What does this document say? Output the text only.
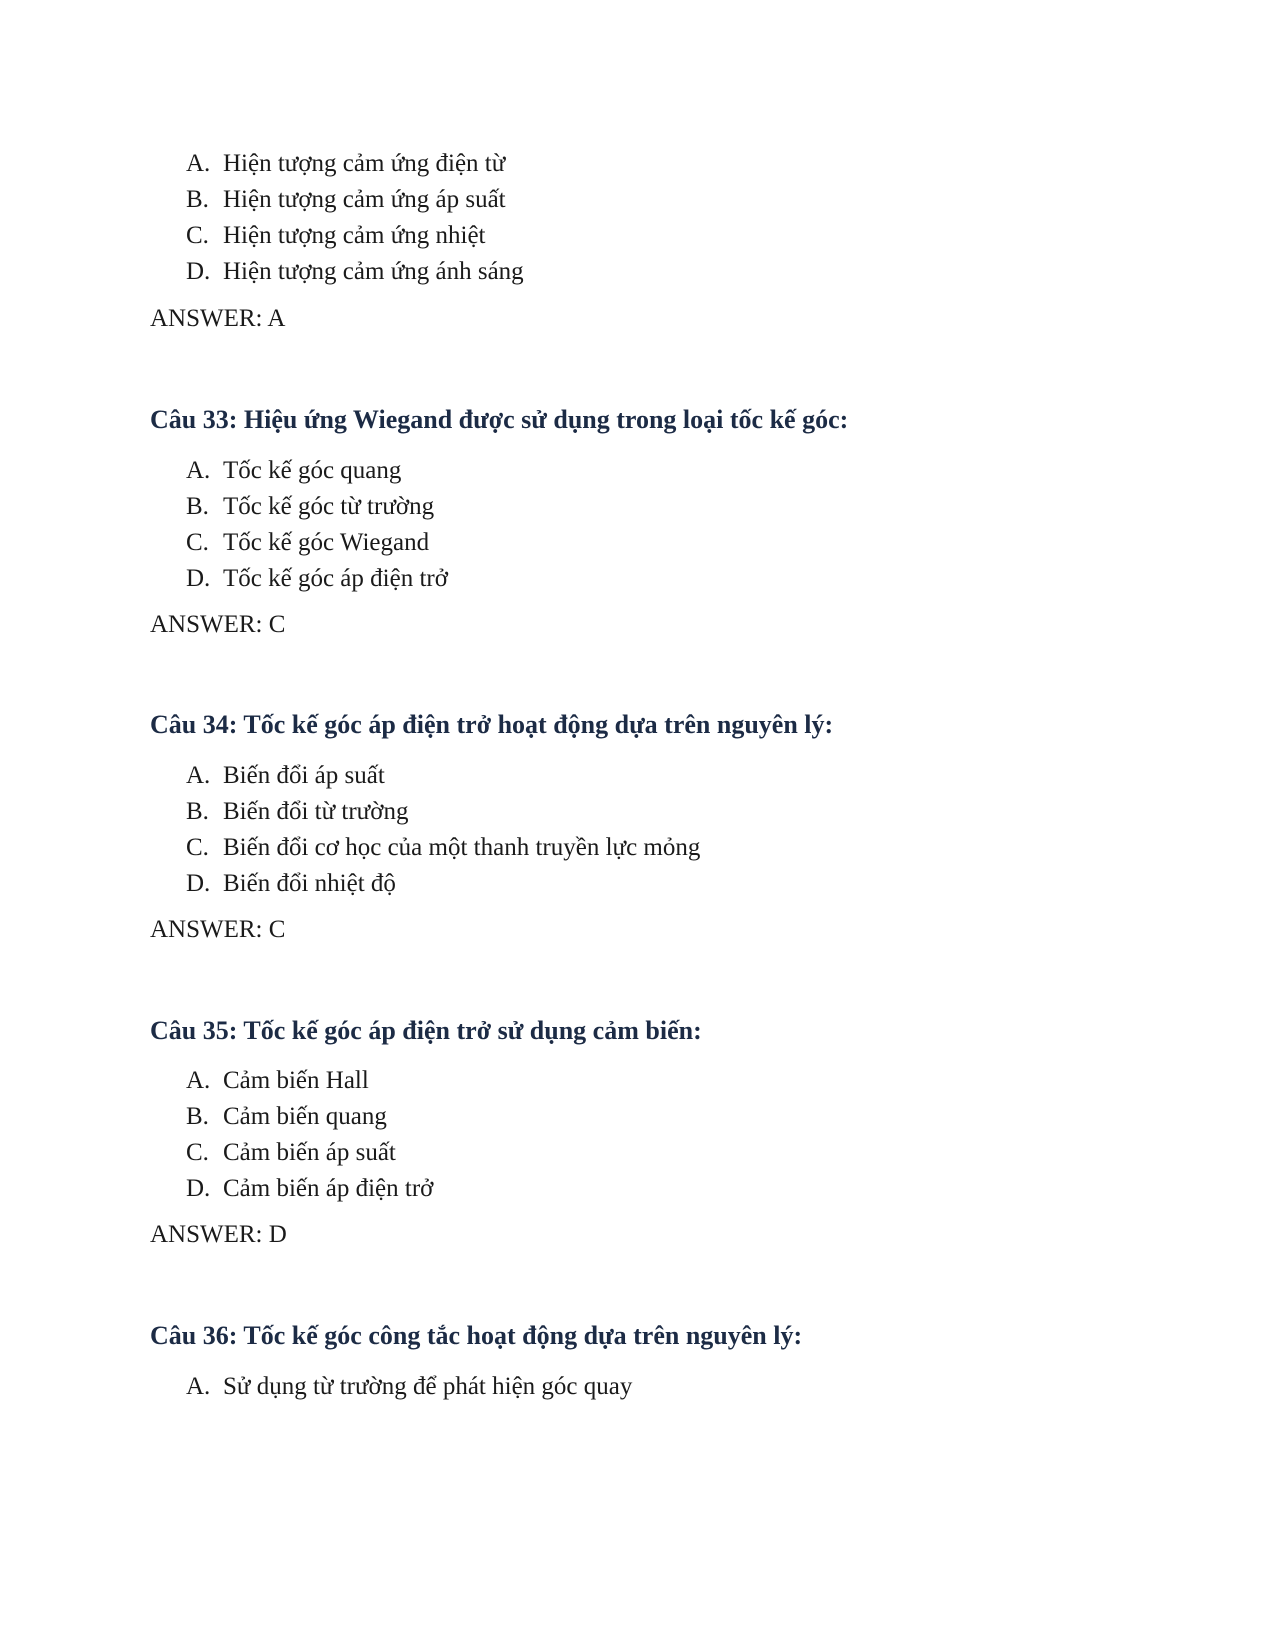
A. Hiện tượng cảm ứng điện từ
B. Hiện tượng cảm ứng áp suất
C. Hiện tượng cảm ứng nhiệt
D. Hiện tượng cảm ứng ánh sáng
ANSWER: A
Câu 33: Hiệu ứng Wiegand được sử dụng trong loại tốc kế góc:
A. Tốc kế góc quang
B. Tốc kế góc từ trường
C. Tốc kế góc Wiegand
D. Tốc kế góc áp điện trở
ANSWER: C
Câu 34: Tốc kế góc áp điện trở hoạt động dựa trên nguyên lý:
A. Biến đổi áp suất
B. Biến đổi từ trường
C. Biến đổi cơ học của một thanh truyền lực mỏng
D. Biến đổi nhiệt độ
ANSWER: C
Câu 35: Tốc kế góc áp điện trở sử dụng cảm biến:
A. Cảm biến Hall
B. Cảm biến quang
C. Cảm biến áp suất
D. Cảm biến áp điện trở
ANSWER: D
Câu 36: Tốc kế góc công tắc hoạt động dựa trên nguyên lý:
A. Sử dụng từ trường để phát hiện góc quay
